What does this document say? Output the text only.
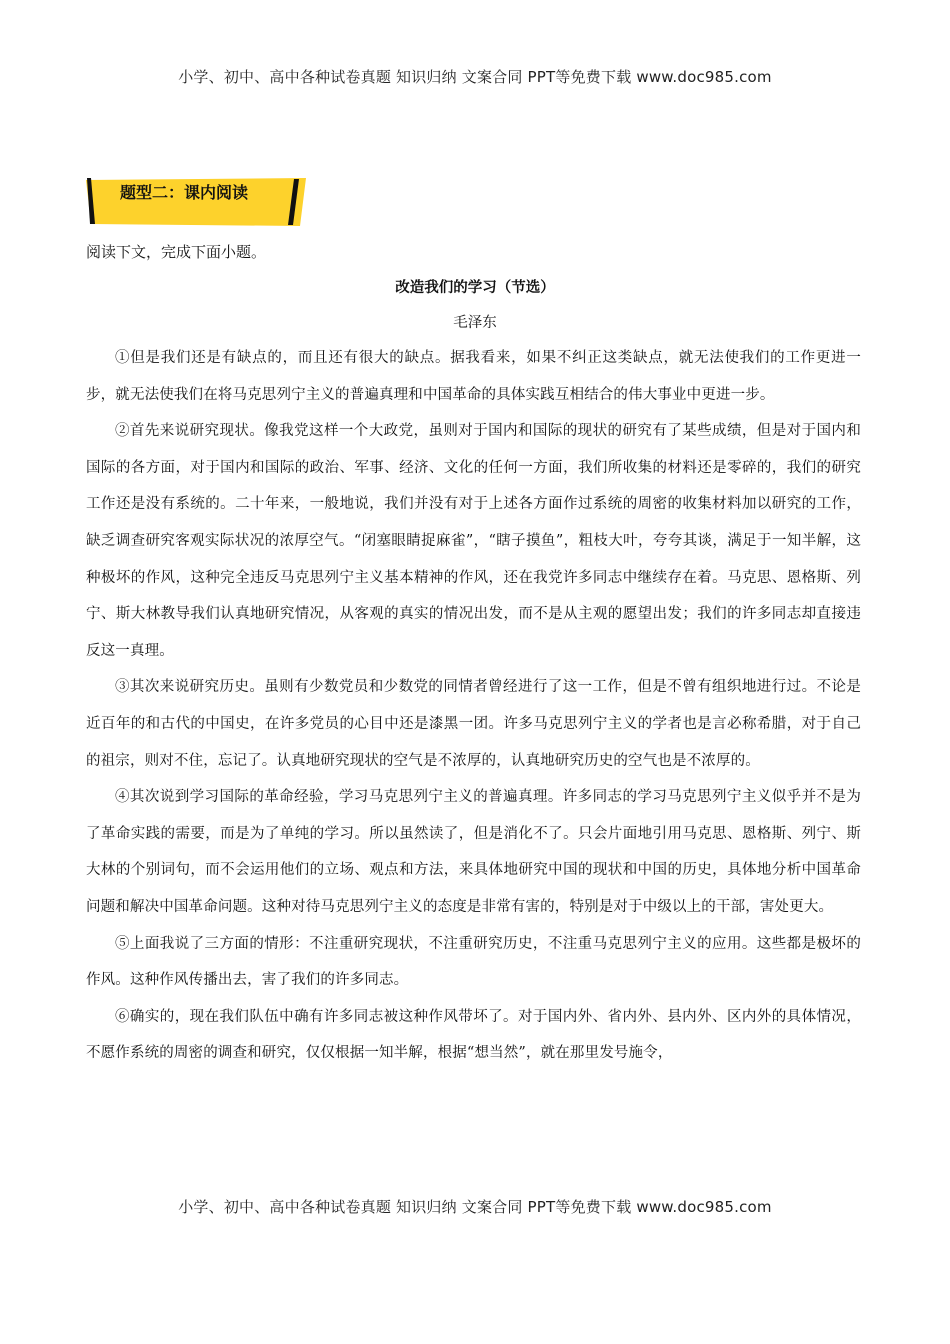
小学、初中、高中各种试卷真题 知识归纳 文案合同 PPT等免费下载 www.doc985.com
题型二：课内阅读
阅读下文，完成下面小题。
改造我们的学习（节选）
毛泽东

①但是我们还是有缺点的，而且还有很大的缺点。据我看来，如果不纠正这类缺点，就无法使我们的工作更进一步，就无法使我们在将马克思列宁主义的普遍真理和中国革命的具体实践互相结合的伟大事业中更进一步。

②首先来说研究现状。像我党这样一个大政党，虽则对于国内和国际的现状的研究有了某些成绩，但是对于国内和国际的各方面，对于国内和国际的政治、军事、经济、文化的任何一方面，我们所收集的材料还是零碎的，我们的研究工作还是没有系统的。二十年来，一般地说，我们并没有对于上述各方面作过系统的周密的收集材料加以研究的工作，缺乏调查研究客观实际状况的浓厚空气。“闭塞眼睛捉麻雀”，“瞎子摸鱼”，粗枝大叶，夸夸其谈，满足于一知半解，这种极坏的作风，这种完全违反马克思列宁主义基本精神的作风，还在我党许多同志中继续存在着。马克思、恩格斯、列宁、斯大林教导我们认真地研究情况，从客观的真实的情况出发，而不是从主观的愿望出发；我们的许多同志却直接违反这一真理。

③其次来说研究历史。虽则有少数党员和少数党的同情者曾经进行了这一工作，但是不曾有组织地进行过。不论是近百年的和古代的中国史，在许多党员的心目中还是漆黑一团。许多马克思列宁主义的学者也是言必称希腊，对于自己的祖宗，则对不住，忘记了。认真地研究现状的空气是不浓厚的，认真地研究历史的空气也是不浓厚的。

④其次说到学习国际的革命经验，学习马克思列宁主义的普遍真理。许多同志的学习马克思列宁主义似乎并不是为了革命实践的需要，而是为了单纯的学习。所以虽然读了，但是消化不了。只会片面地引用马克思、恩格斯、列宁、斯大林的个别词句，而不会运用他们的立场、观点和方法，来具体地研究中国的现状和中国的历史，具体地分析中国革命问题和解决中国革命问题。这种对待马克思列宁主义的态度是非常有害的，特别是对于中级以上的干部，害处更大。

⑤上面我说了三方面的情形：不注重研究现状，不注重研究历史，不注重马克思列宁主义的应用。这些都是极坏的作风。这种作风传播出去，害了我们的许多同志。

⑥确实的，现在我们队伍中确有许多同志被这种作风带坏了。对于国内外、省内外、县内外、区内外的具体情况，不愿作系统的周密的调查和研究，仅仅根据一知半解，根据“想当然”，就在那里发号施令，

小学、初中、高中各种试卷真题 知识归纳 文案合同 PPT等免费下载 www.doc985.com
